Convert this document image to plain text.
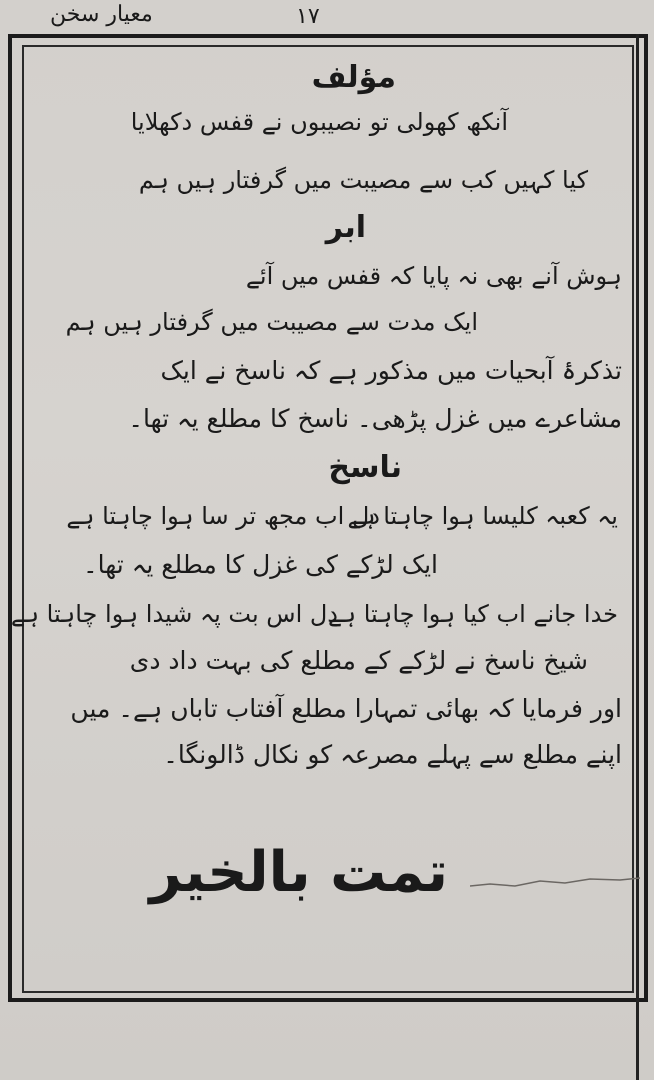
معیار سخن	۱۷
مؤلف
آنکھ کھولی تو نصیبوں نے قفس دکھلایا
کیا کہیں کب سے مصیبت میں گرفتار ہیں ہم
ابر
ہوش آنے بھی نہ پایا کہ قفس میں آئے
ایک مدت سے مصیبت میں گرفتار ہیں ہم
تذکرۂ آبحیات میں مذکور ہے کہ ناسخ نے ایک
مشاعرے میں غزل پڑھی۔ ناسخ کا مطلع یہ تھا۔
ناسخ
دل اب مجھ تر سا ہوا چاہتا ہے
یہ کعبہ کلیسا ہوا چاہتا ہے
ایک لڑکے کی غزل کا مطلع یہ تھا۔
دل اس بت پہ شیدا ہوا چاہتا ہے
خدا جانے اب کیا ہوا چاہتا ہے
شیخ ناسخ نے لڑکے کے مطلع کی بہت داد دی
اور فرمایا کہ بھائی تمہارا مطلع آفتاب تاباں ہے۔ میں
اپنے مطلع سے پہلے مصرعہ کو نکال ڈالونگا۔
تمت بالخیر
